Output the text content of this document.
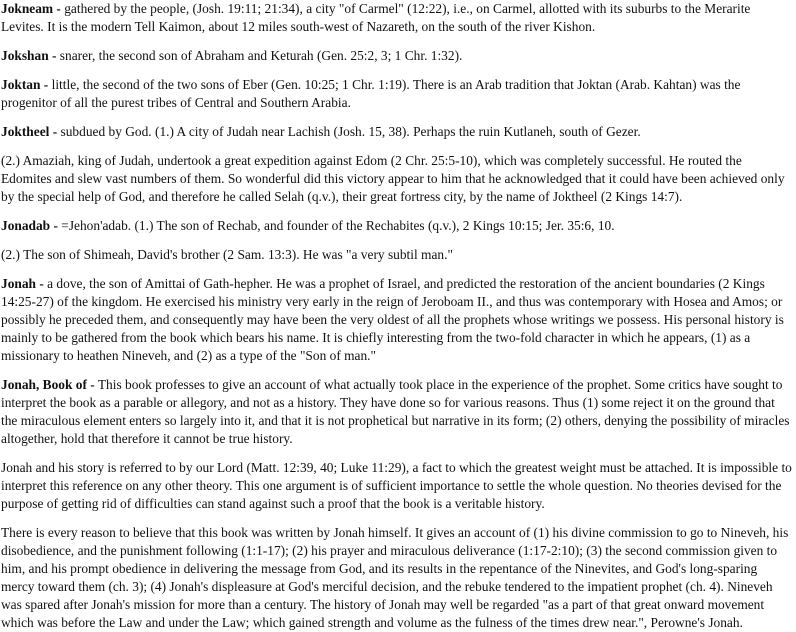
Jokneam - gathered by the people, (Josh. 19:11; 21:34), a city "of Carmel" (12:22), i.e., on Carmel, allotted with its suburbs to the Merarite Levites. It is the modern Tell Kaimon, about 12 miles south-west of Nazareth, on the south of the river Kishon.

Jokshan - snarer, the second son of Abraham and Keturah (Gen. 25:2, 3; 1 Chr. 1:32).

Joktan - little, the second of the two sons of Eber (Gen. 10:25; 1 Chr. 1:19). There is an Arab tradition that Joktan (Arab. Kahtan) was the progenitor of all the purest tribes of Central and Southern Arabia.

Joktheel - subdued by God. (1.) A city of Judah near Lachish (Josh. 15, 38). Perhaps the ruin Kutlaneh, south of Gezer.

(2.) Amaziah, king of Judah, undertook a great expedition against Edom (2 Chr. 25:5-10), which was completely successful. He routed the Edomites and slew vast numbers of them. So wonderful did this victory appear to him that he acknowledged that it could have been achieved only by the special help of God, and therefore he called Selah (q.v.), their great fortress city, by the name of Joktheel (2 Kings 14:7).

Jonadab - =Jehon'adab. (1.) The son of Rechab, and founder of the Rechabites (q.v.), 2 Kings 10:15; Jer. 35:6, 10.

(2.) The son of Shimeah, David's brother (2 Sam. 13:3). He was "a very subtil man."

Jonah - a dove, the son of Amittai of Gath-hepher. He was a prophet of Israel, and predicted the restoration of the ancient boundaries (2 Kings 14:25-27) of the kingdom. He exercised his ministry very early in the reign of Jeroboam II., and thus was contemporary with Hosea and Amos; or possibly he preceded them, and consequently may have been the very oldest of all the prophets whose writings we possess. His personal history is mainly to be gathered from the book which bears his name. It is chiefly interesting from the two-fold character in which he appears, (1) as a missionary to heathen Nineveh, and (2) as a type of the "Son of man."

Jonah, Book of - This book professes to give an account of what actually took place in the experience of the prophet. Some critics have sought to interpret the book as a parable or allegory, and not as a history. They have done so for various reasons. Thus (1) some reject it on the ground that the miraculous element enters so largely into it, and that it is not prophetical but narrative in its form; (2) others, denying the possibility of miracles altogether, hold that therefore it cannot be true history.

Jonah and his story is referred to by our Lord (Matt. 12:39, 40; Luke 11:29), a fact to which the greatest weight must be attached. It is impossible to interpret this reference on any other theory. This one argument is of sufficient importance to settle the whole question. No theories devised for the purpose of getting rid of difficulties can stand against such a proof that the book is a veritable history.

There is every reason to believe that this book was written by Jonah himself. It gives an account of (1) his divine commission to go to Nineveh, his disobedience, and the punishment following (1:1-17); (2) his prayer and miraculous deliverance (1:17-2:10); (3) the second commission given to him, and his prompt obedience in delivering the message from God, and its results in the repentance of the Ninevites, and God's long-sparing mercy toward them (ch. 3); (4) Jonah's displeasure at God's merciful decision, and the rebuke tendered to the impatient prophet (ch. 4). Nineveh was spared after Jonah's mission for more than a century. The history of Jonah may well be regarded "as a part of that great onward movement which was before the Law and under the Law; which gained strength and volume as the fulness of the times drew near.", Perowne's Jonah.
